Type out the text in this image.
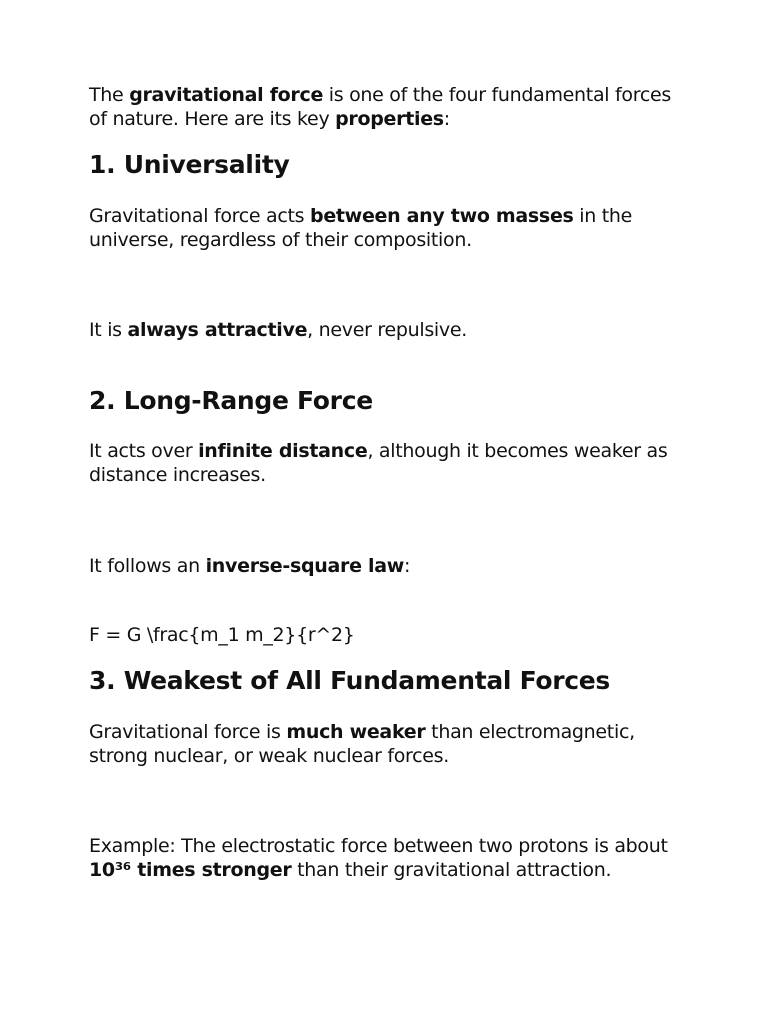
The gravitational force is one of the four fundamental forces of nature. Here are its key properties:

1. Universality

Gravitational force acts between any two masses in the universe, regardless of their composition.

It is always attractive, never repulsive.

2. Long-Range Force

It acts over infinite distance, although it becomes weaker as distance increases.

It follows an inverse-square law:

F = G \frac{m_1 m_2}{r^2}

3. Weakest of All Fundamental Forces

Gravitational force is much weaker than electromagnetic, strong nuclear, or weak nuclear forces.

Example: The electrostatic force between two protons is about 10³⁶ times stronger than their gravitational attraction.
